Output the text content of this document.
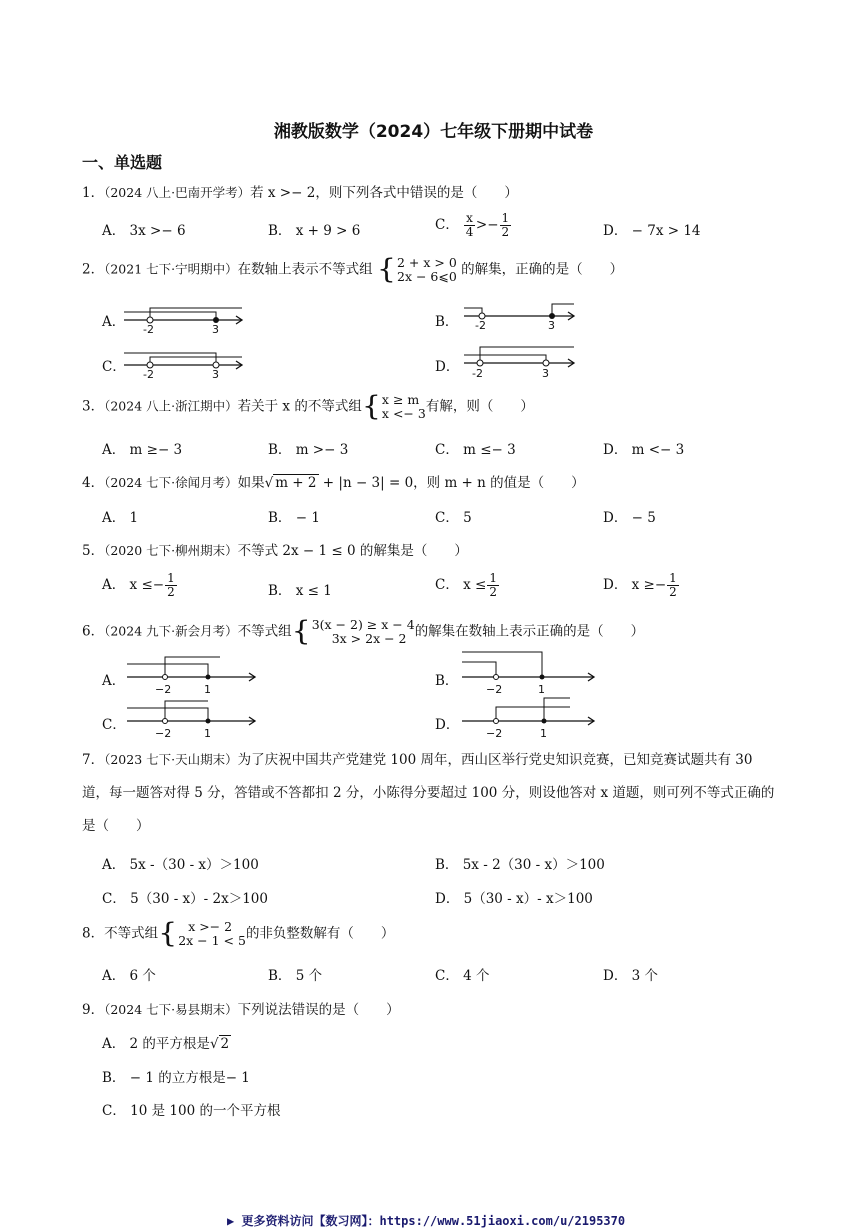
湘教版数学（2024）七年级下册期中试卷
一、单选题
1．（2024 八上·巴南开学考）若 x >− 2，则下列各式中错误的是（　　）
A． 3x >− 6	B． x + 9 > 6	C． $\frac{x}{4} >- \frac{1}{2}$	D． − 7x > 14
2．（2021 七下·宁明期中）在数轴上表示不等式组 { 2 + x > 0
2x − 6⩽0 的解集，正确的是（　　）
A． -2	3	B． -2	3
C． -2	3	D． -2	3
3．（2024 八上·浙江期中）若关于 x 的不等式组 { x ≥ m
x <− 3 有解，则（　　）
A． m ≥− 3	B． m >− 3	C． m ≤− 3	D． m <− 3
4．（2024 七下·徐闻月考）如果√ m + 2 + |n − 3| = 0，则 m + n 的值是（　　）
A． 1	B． − 1	C． 5	D． − 5
5．（2020 七下·柳州期末）不等式 2x − 1 ≤ 0 的解集是（　　）
A． $x \le- \frac{1}{2}$	B． x ≤ 1	C． $x \le \frac{1}{2}$	D． $x \ge- \frac{1}{2}$
6．（2024 九下·新会月考）不等式组 { 3(x − 2) ≥ x − 4
3x > 2x − 2 的解集在数轴上表示正确的是（　　）
A．
−2	1
B．
−2	1
C．
−2	1
D．
−2	1
7．（2023 七下·天山期末）为了庆祝中国共产党建党 100 周年，西山区举行党史知识竞赛，已知竞赛试题共有 30 道，每一题答对得 5 分，答错或不答都扣 2 分，小陈得分要超过 100 分，则设他答对 x 道题，则可列不等式正确的是（　　）
A． 5x ‐（30 ‐ x）＞100	B． 5x ‐ 2（30 ‐ x）＞100
C． 5（30 ‐ x）‐ 2x＞100	D． 5（30 ‐ x）‐ x＞100
8．不等式组 { x >− 2
2x − 1 < 5 的非负整数解有（　　）
A． 6 个	B． 5 个	C． 4 个	D． 3 个
9．（2024 七下·易县期末）下列说法错误的是（　　）
A． 2 的平方根是√ 2
B． − 1 的立方根是− 1
C． 10 是 100 的一个平方根
▶ 更多资料访问【数习网】：https://www.51jiaoxi.com/u/2195370
